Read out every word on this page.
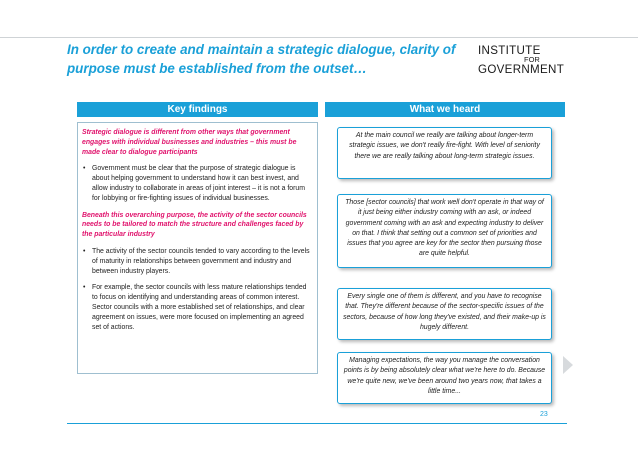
In order to create and maintain a strategic dialogue, clarity of purpose must be established from the outset…
INSTITUTE
FOR
GOVERNMENT
Key findings	What we heard
Strategic dialogue is different from other ways that government engages with individual businesses and industries – this must be made clear to dialogue participants
• Government must be clear that the purpose of strategic dialogue is about helping government to understand how it can best invest, and allow industry to collaborate in areas of joint interest – it is not a forum for lobbying or fire-fighting issues of individual businesses.
Beneath this overarching purpose, the activity of the sector councils needs to be tailored to match the structure and challenges faced by the particular industry
• The activity of the sector councils tended to vary according to the levels of maturity in relationships between government and industry and between industry players.
• For example, the sector councils with less mature relationships tended to focus on identifying and understanding areas of common interest. Sector councils with a more established set of relationships, and clear agreement on issues, were more focused on implementing an agreed set of actions.
At the main council we really are talking about longer-term strategic issues, we don't really fire-fight. With level of seniority there we are really talking about long-term strategic issues.
Those [sector councils] that work well don't operate in that way of it just being either industry coming with an ask, or indeed government coming with an ask and expecting industry to deliver on that. I think that setting out a common set of priorities and issues that you agree are key for the sector then pursuing those are quite helpful.
Every single one of them is different, and you have to recognise that. They're different because of the sector-specific issues of the sectors, because of how long they've existed, and their make-up is hugely different.
Managing expectations, the way you manage the conversation points is by being absolutely clear what we're here to do. Because we're quite new, we've been around two years now, that takes a little time...
23
